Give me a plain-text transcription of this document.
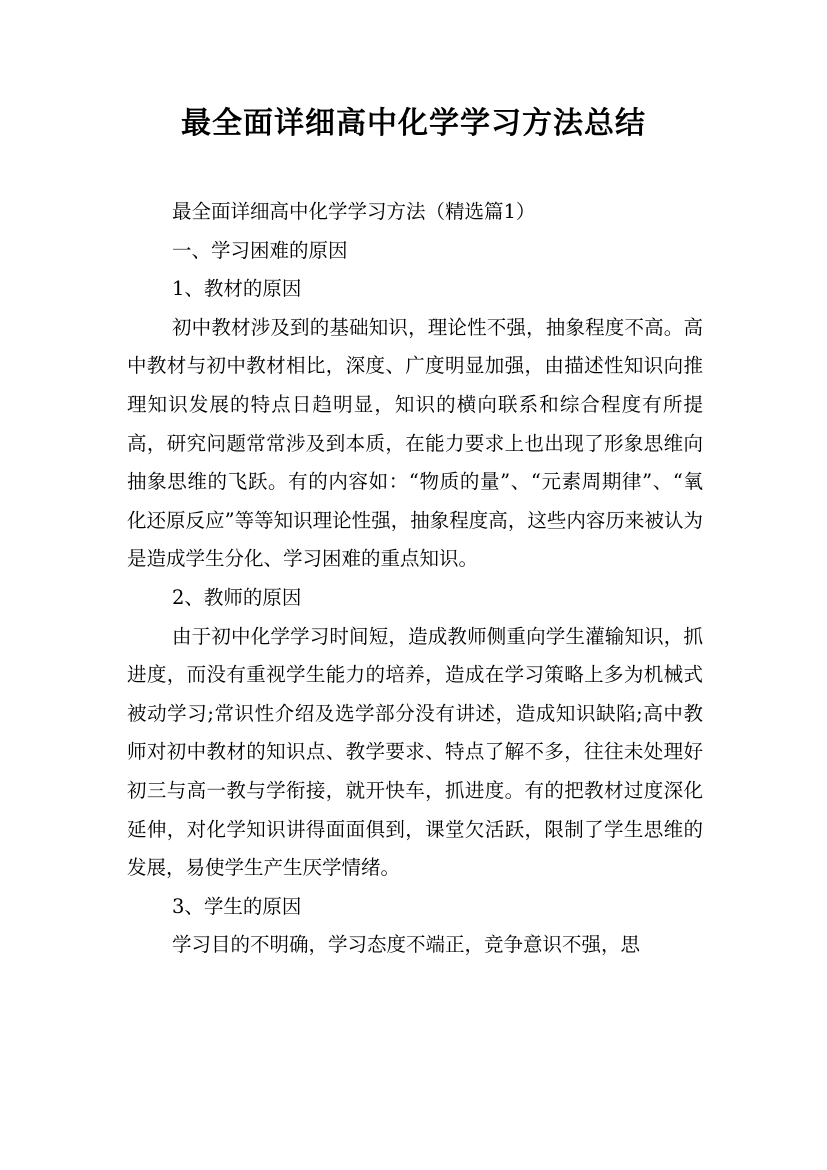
最全面详细高中化学学习方法总结

最全面详细高中化学学习方法（精选篇1）

一、学习困难的原因

1、教材的原因

初中教材涉及到的基础知识，理论性不强，抽象程度不高。高中教材与初中教材相比，深度、广度明显加强，由描述性知识向推理知识发展的特点日趋明显，知识的横向联系和综合程度有所提高，研究问题常常涉及到本质，在能力要求上也出现了形象思维向抽象思维的飞跃。有的内容如：“物质的量”、“元素周期律”、“氧化还原反应”等等知识理论性强，抽象程度高，这些内容历来被认为是造成学生分化、学习困难的重点知识。

2、教师的原因

由于初中化学学习时间短，造成教师侧重向学生灌输知识，抓进度，而没有重视学生能力的培养，造成在学习策略上多为机械式被动学习;常识性介绍及选学部分没有讲述，造成知识缺陷;高中教师对初中教材的知识点、教学要求、特点了解不多，往往未处理好初三与高一教与学衔接，就开快车，抓进度。有的把教材过度深化延伸，对化学知识讲得面面俱到，课堂欠活跃，限制了学生思维的发展，易使学生产生厌学情绪。

3、学生的原因

学习目的不明确，学习态度不端正，竞争意识不强，思
